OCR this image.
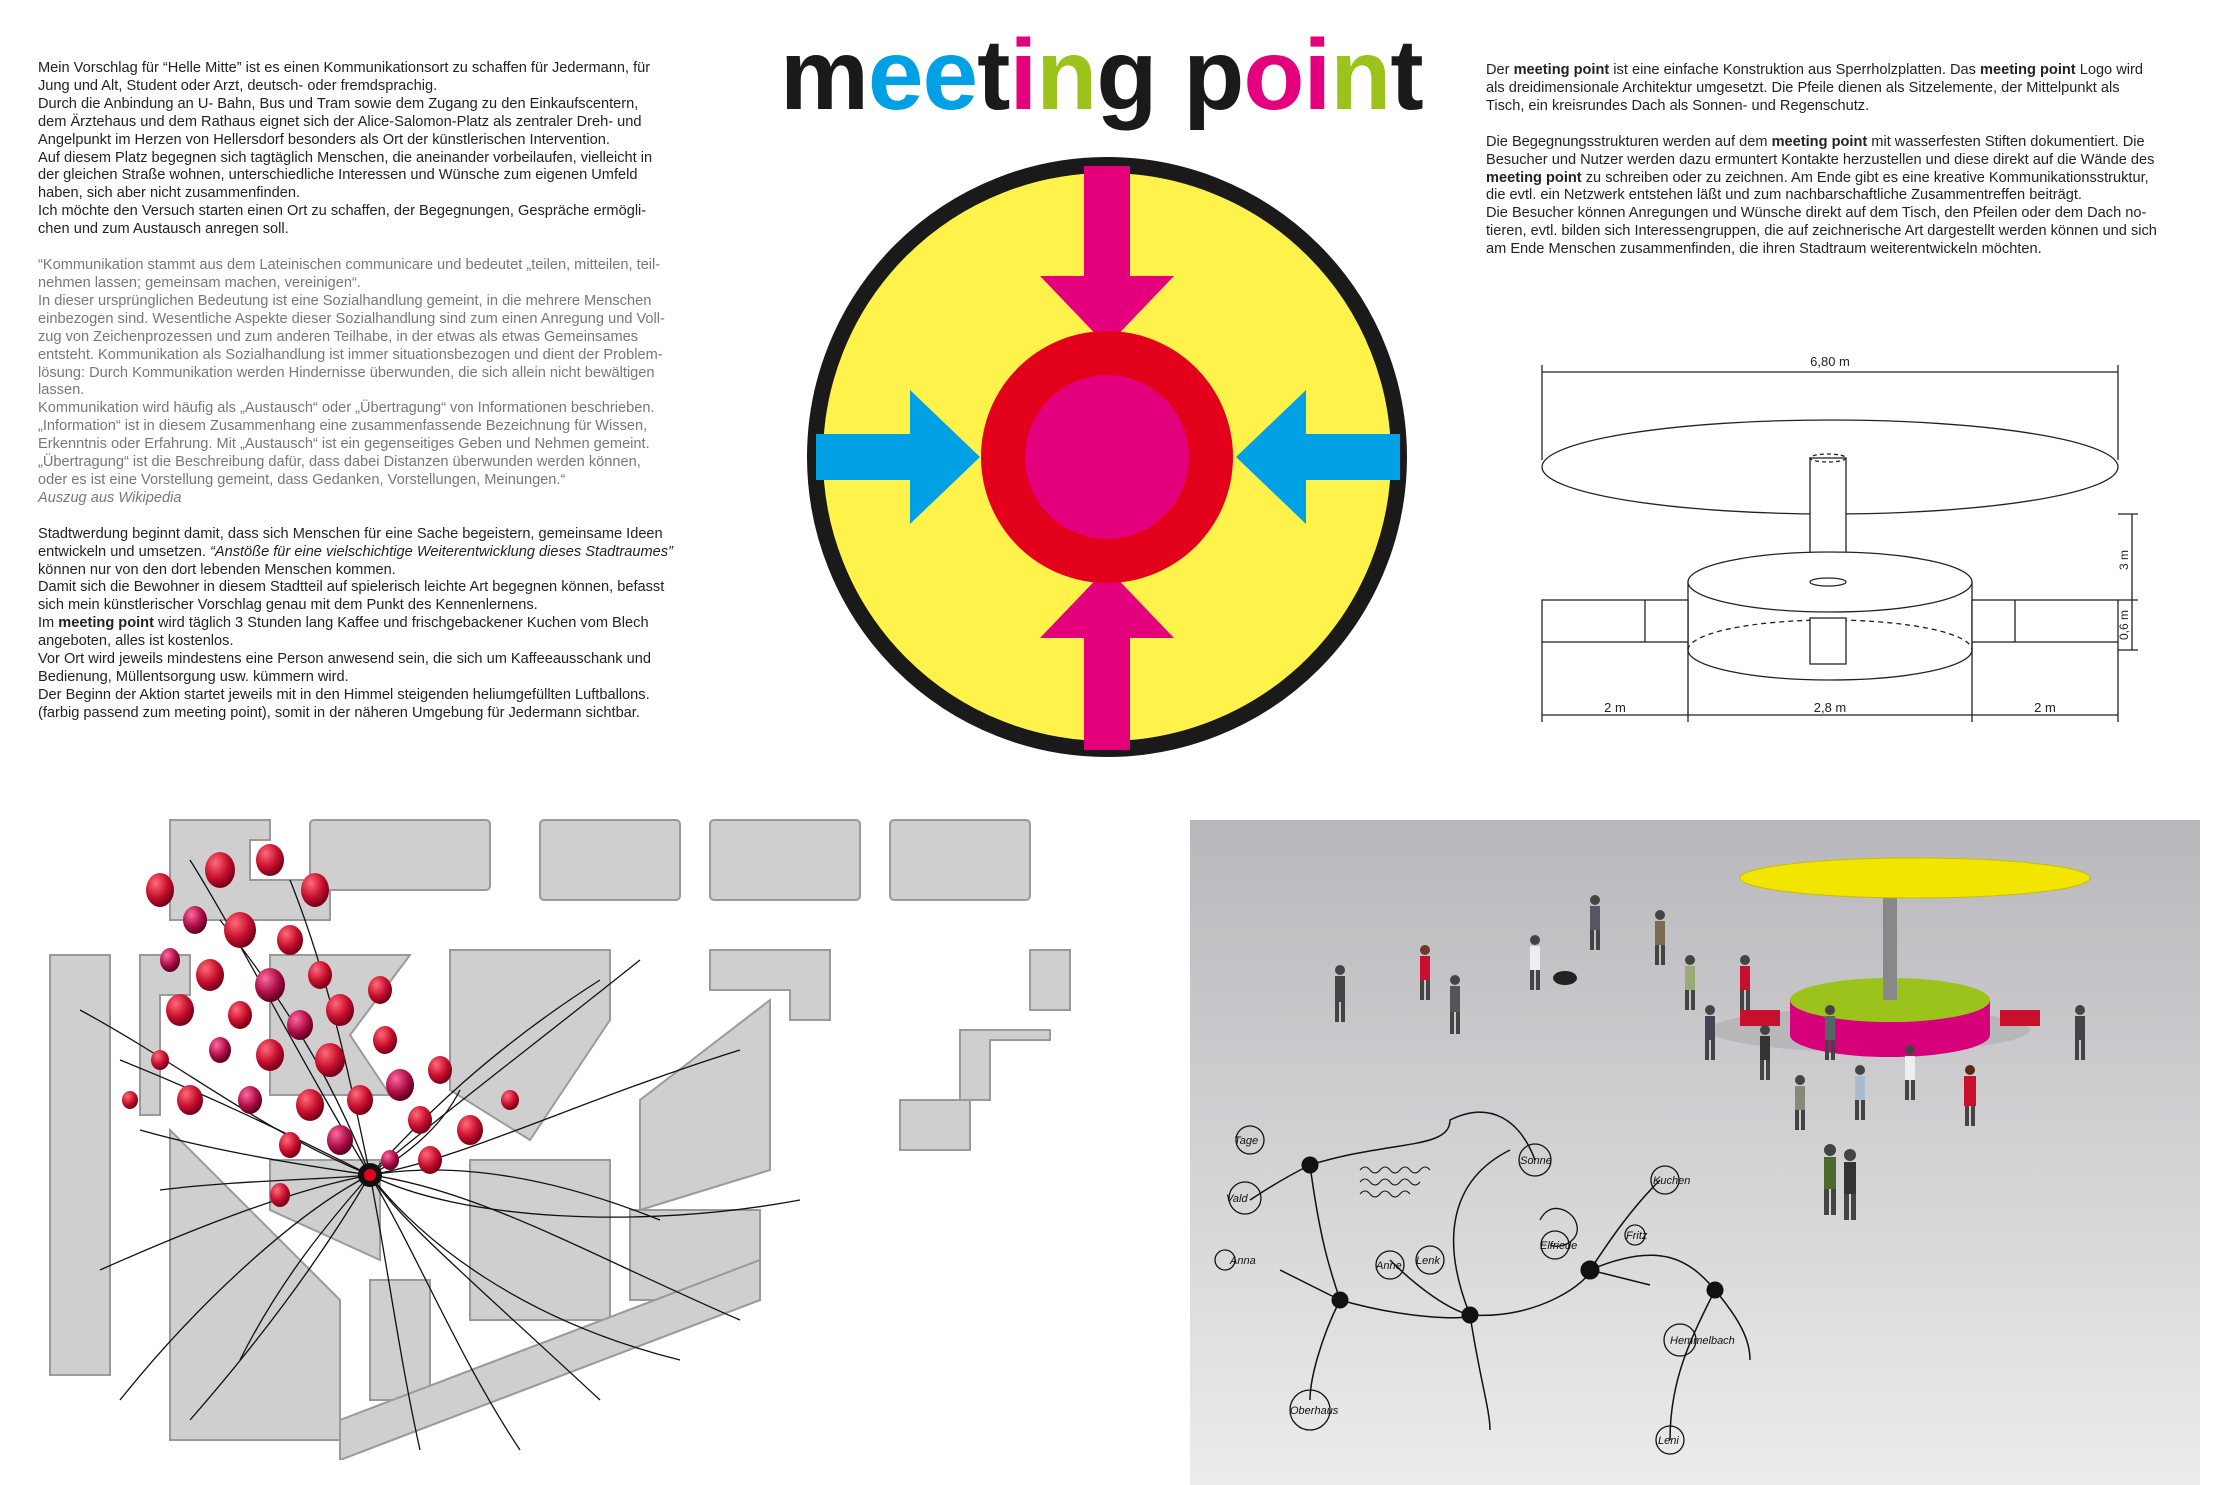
meeting point

Mein Vorschlag für “Helle Mitte” ist es einen Kommunikationsort zu schaffen für Jedermann, für

Jung und Alt, Student oder Arzt, deutsch- oder fremdsprachig.

Durch die Anbindung an U- Bahn, Bus und Tram sowie dem Zugang zu den Einkaufscentern,

dem Ärztehaus und dem Rathaus eignet sich der Alice-Salomon-Platz als zentraler Dreh- und

Angelpunkt im Herzen von Hellersdorf besonders als Ort der künstlerischen Intervention.

Auf diesem Platz begegnen sich tagtäglich Menschen, die aneinander vorbeilaufen, vielleicht in

der gleichen Straße wohnen, unterschiedliche Interessen und Wünsche zum eigenen Umfeld

haben, sich aber nicht zusammenfinden.

Ich möchte den Versuch starten einen Ort zu schaffen, der Begegnungen, Gespräche ermögli-

chen und zum Austausch anregen soll.

“Kommunikation stammt aus dem Lateinischen communicare und bedeutet „teilen, mitteilen, teil-

nehmen lassen; gemeinsam machen, vereinigen“.

In dieser ursprünglichen Bedeutung ist eine Sozialhandlung gemeint, in die mehrere Menschen

einbezogen sind. Wesentliche Aspekte dieser Sozialhandlung sind zum einen Anregung und Voll-

zug von Zeichenprozessen und zum anderen Teilhabe, in der etwas als etwas Gemeinsames

entsteht. Kommunikation als Sozialhandlung ist immer situationsbezogen und dient der Problem-

lösung: Durch Kommunikation werden Hindernisse überwunden, die sich allein nicht bewältigen

lassen.

Kommunikation wird häufig als „Austausch“ oder „Übertragung“ von Informationen beschrieben.

„Information“ ist in diesem Zusammenhang eine zusammenfassende Bezeichnung für Wissen,

Erkenntnis oder Erfahrung. Mit „Austausch“ ist ein gegenseitiges Geben und Nehmen gemeint.

„Übertragung“ ist die Beschreibung dafür, dass dabei Distanzen überwunden werden können,

oder es ist eine Vorstellung gemeint, dass Gedanken, Vorstellungen, Meinungen.“

Auszug aus Wikipedia

Stadtwerdung beginnt damit, dass sich Menschen für eine Sache begeistern, gemeinsame Ideen

entwickeln und umsetzen. “Anstöße für eine vielschichtige Weiterentwicklung dieses Stadtraumes”

können nur von den dort lebenden Menschen kommen.

Damit sich die Bewohner in diesem Stadtteil auf spielerisch leichte Art begegnen können, befasst

sich mein künstlerischer Vorschlag genau mit dem Punkt des Kennenlernens.

Im meeting point wird täglich 3 Stunden lang Kaffee und frischgebackener Kuchen vom Blech

angeboten, alles ist kostenlos.

Vor Ort wird jeweils mindestens eine Person anwesend sein, die sich um Kaffeeausschank und

Bedienung, Müllentsorgung usw. kümmern wird.

Der Beginn der Aktion startet jeweils mit in den Himmel steigenden heliumgefüllten Luftballons.

(farbig passend zum meeting point), somit in der näheren Umgebung für Jedermann sichtbar.

Der meeting point ist eine einfache Konstruktion aus Sperrholzplatten. Das meeting point Logo wird

als dreidimensionale Architektur umgesetzt. Die Pfeile dienen als Sitzelemente, der Mittelpunkt als

Tisch, ein kreisrundes Dach als Sonnen- und Regenschutz.

Die Begegnungsstrukturen werden auf dem meeting point mit wasserfesten Stiften dokumentiert. Die

Besucher und Nutzer werden dazu ermuntert Kontakte herzustellen und diese direkt auf die Wände des

meeting point zu schreiben oder zu zeichnen. Am Ende gibt es eine kreative Kommunikationsstruktur,

die evtl. ein Netzwerk entstehen läßt und zum nachbarschaftliche Zusammentreffen beiträgt.

Die Besucher können Anregungen und Wünsche direkt auf dem Tisch, den Pfeilen oder dem Dach no-

tieren, evtl. bilden sich Interessengruppen, die auf zeichnerische Art dargestellt werden können und sich

am Ende Menschen zusammenfinden, die ihren Stadtraum weiterentwickeln möchten.

6,80 m
2 m	2,8 m	2 m
3 m
0,6 m
Tage
Vald
Sonne
Kuchen
Anne Lenk
Elfriede
Oberhaus
Anna
Hemmelbach
Leni
Fritz
